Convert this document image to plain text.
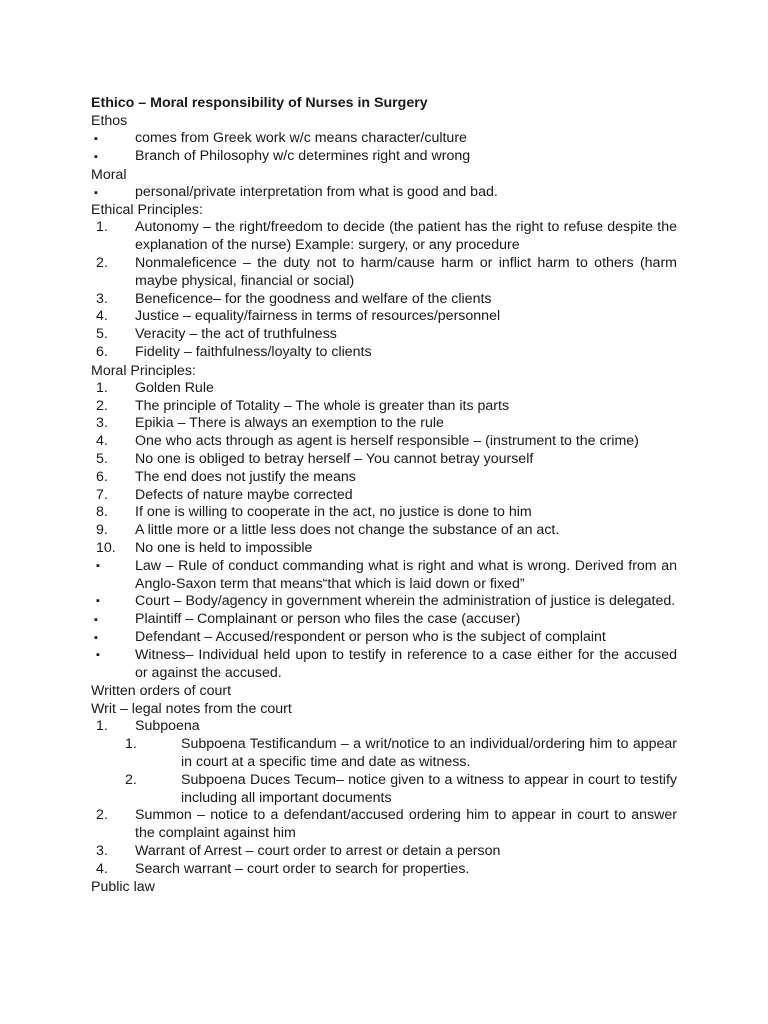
Ethico – Moral responsibility of Nurses in Surgery
Ethos
▪	comes from Greek work w/c means character/culture
▪	Branch of Philosophy w/c determines right and wrong
Moral
▪	personal/private interpretation from what is good and bad.
Ethical Principles:
1.	Autonomy – the right/freedom to decide (the patient has the right to refuse despite the explanation of the nurse) Example: surgery, or any procedure
2.	Nonmaleficence – the duty not to harm/cause harm or inflict harm to others (harm maybe physical, financial or social)
3.	Beneficence– for the goodness and welfare of the clients
4.	Justice – equality/fairness in terms of resources/personnel
5.	Veracity – the act of truthfulness
6.	Fidelity – faithfulness/loyalty to clients
Moral Principles:
1.	Golden Rule
2.	The principle of Totality – The whole is greater than its parts
3.	Epikia – There is always an exemption to the rule
4.	One who acts through as agent is herself responsible – (instrument to the crime)
5.	No one is obliged to betray herself – You cannot betray yourself
6.	The end does not justify the means
7.	Defects of nature maybe corrected
8.	If one is willing to cooperate in the act, no justice is done to him
9.	A little more or a little less does not change the substance of an act.
10.	No one is held to impossible
▪	Law – Rule of conduct commanding what is right and what is wrong. Derived from an Anglo-Saxon term that means“that which is laid down or fixed”
▪	Court – Body/agency in government wherein the administration of justice is delegated.
▪	Plaintiff – Complainant or person who files the case (accuser)
▪	Defendant – Accused/respondent or person who is the subject of complaint
▪	Witness– Individual held upon to testify in reference to a case either for the accused or against the accused.
Written orders of court
Writ – legal notes from the court
1.	Subpoena
1.	Subpoena Testificandum – a writ/notice to an individual/ordering him to appear in court at a specific time and date as witness.
2.	Subpoena Duces Tecum– notice given to a witness to appear in court to testify including all important documents
2.	Summon – notice to a defendant/accused ordering him to appear in court to answer the complaint against him
3.	Warrant of Arrest – court order to arrest or detain a person
4.	Search warrant – court order to search for properties.
Public law
